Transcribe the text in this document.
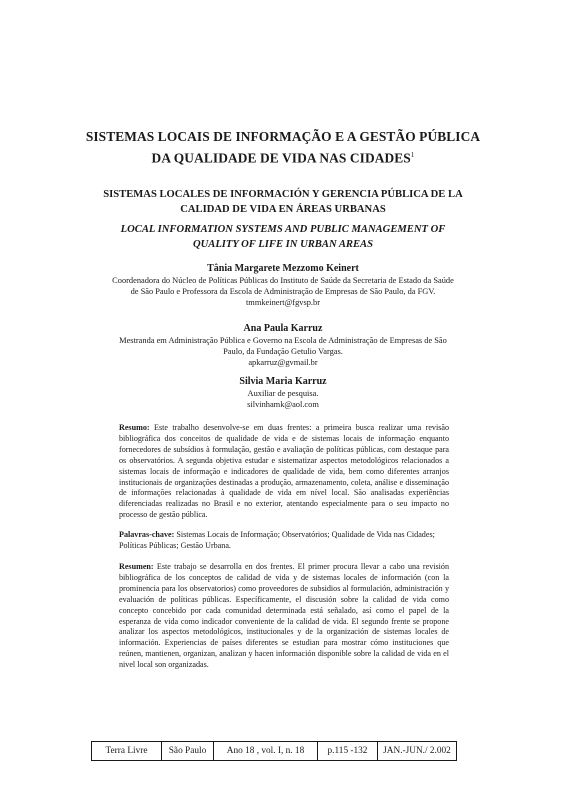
SISTEMAS LOCAIS DE INFORMAÇÃO E A GESTÃO PÚBLICA
DA QUALIDADE DE VIDA NAS CIDADES$^1$
SISTEMAS LOCALES DE INFORMACIÓN Y GERENCIA PÚBLICA DE LA
CALIDAD DE VIDA EN ÁREAS URBANAS
LOCAL INFORMATION SYSTEMS AND PUBLIC MANAGEMENT OF
QUALITY OF LIFE IN URBAN AREAS
Tânia Margarete Mezzomo Keinert
Coordenadora do Núcleo de Políticas Públicas do Instituto de Saúde da Secretaria de Estado da Saúde
de São Paulo e Professora da Escola de Administração de Empresas de São Paulo, da FGV.
tmmkeinert@fgvsp.br
Ana Paula Karruz
Mestranda em Administração Pública e Governo na Escola de Administração de Empresas de São
Paulo, da Fundação Getulio Vargas.
apkarruz@gvmail.br
Silvia Maria Karruz
Auxiliar de pesquisa.
silvinhamk@aol.com
Resumo: Este trabalho desenvolve-se em duas frentes: a primeira busca realizar uma revisão bibliográfica dos conceitos de qualidade de vida e de sistemas locais de informação enquanto fornecedores de subsídios à formulação, gestão e avaliação de políticas públicas, com destaque para os observatórios. A segunda objetiva estudar e sistematizar aspectos metodológicos relacionados a sistemas locais de informação e indicadores de qualidade de vida, bem como diferentes arranjos institucionais de organizações destinadas a produção, armazenamento, coleta, análise e disseminação de informações relacionadas à qualidade de vida em nível local. São analisadas experiências diferenciadas realizadas no Brasil e no exterior, atentando especialmente para o seu impacto no processo de gestão pública.
Palavras-chave: Sistemas Locais de Informação; Observatórios; Qualidade de Vida nas Cidades; Políticas Públicas; Gestão Urbana.
Resumen: Este trabajo se desarrolla en dos frentes. El primer procura llevar a cabo una revisión bibliográfica de los conceptos de calidad de vida y de sistemas locales de información (con la prominencia para los observatorios) como proveedores de subsidios al formulación, administración y evaluación de políticas públicas. Específicamente, el discusión sobre la calidad de vida como concepto concebido por cada comunidad determinada está señalado, así como el papel de la esperanza de vida como indicador conveniente de la calidad de vida. El segundo frente se propone analizar los aspectos metodológicos, institucionales y de la organización de sistemas locales de información. Experiencias de países diferentes se estudian para mostrar cómo instituciones que reúnen, mantienen, organizan, analizan y hacen información disponible sobre la calidad de vida en el nivel local son organizadas.
Terra Livre	São Paulo	Ano 18 , vol. I, n. 18	p.115 -132	JAN.-JUN./ 2.002
